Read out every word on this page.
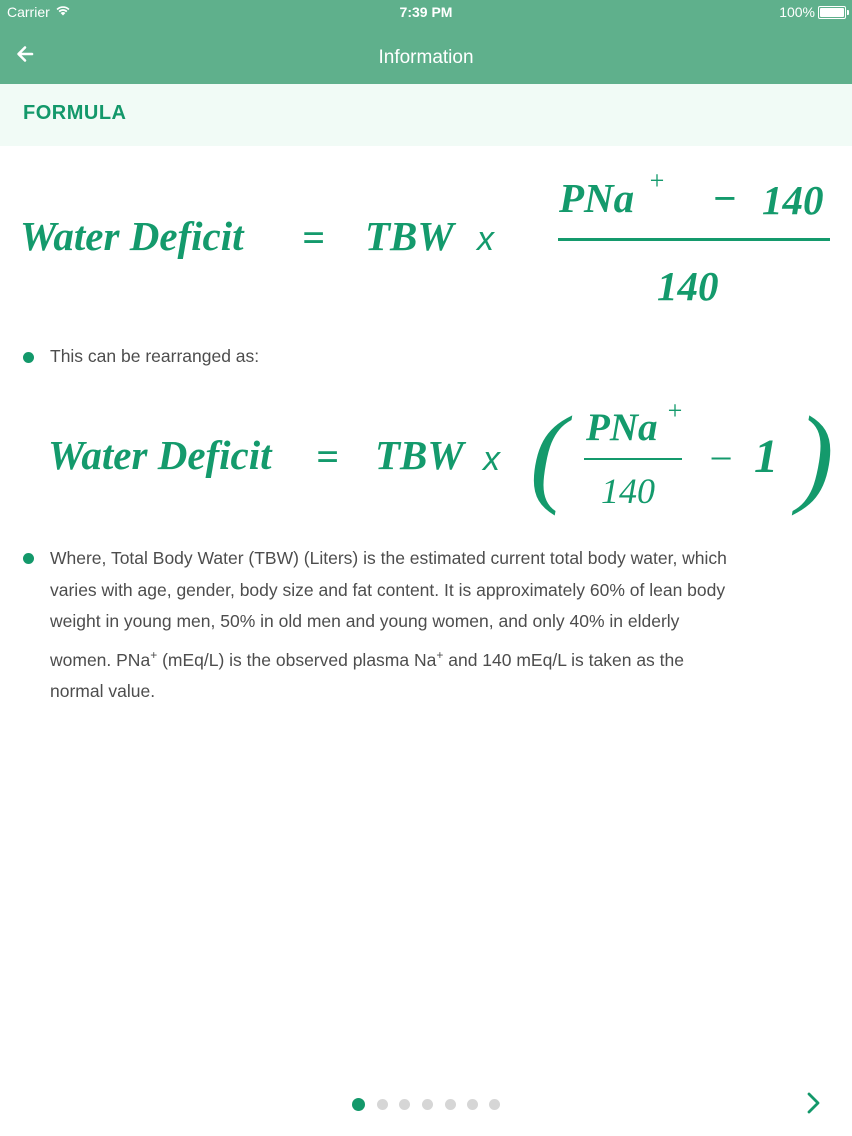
Carrier	7:39 PM	100%
Information
FORMULA
Water Deficit = TBW x
PNa + − 140
140
This can be rearranged as:
Water Deficit = TBW x ( PNa +
140
− 1 )
Where, Total Body Water (TBW) (Liters) is the estimated current total body water, which
varies with age, gender, body size and fat content. It is approximately 60% of lean body
weight in young men, 50% in old men and young women, and only 40% in elderly
women. PNa+ (mEq/L) is the observed plasma Na+ and 140 mEq/L is taken as the
normal value.
